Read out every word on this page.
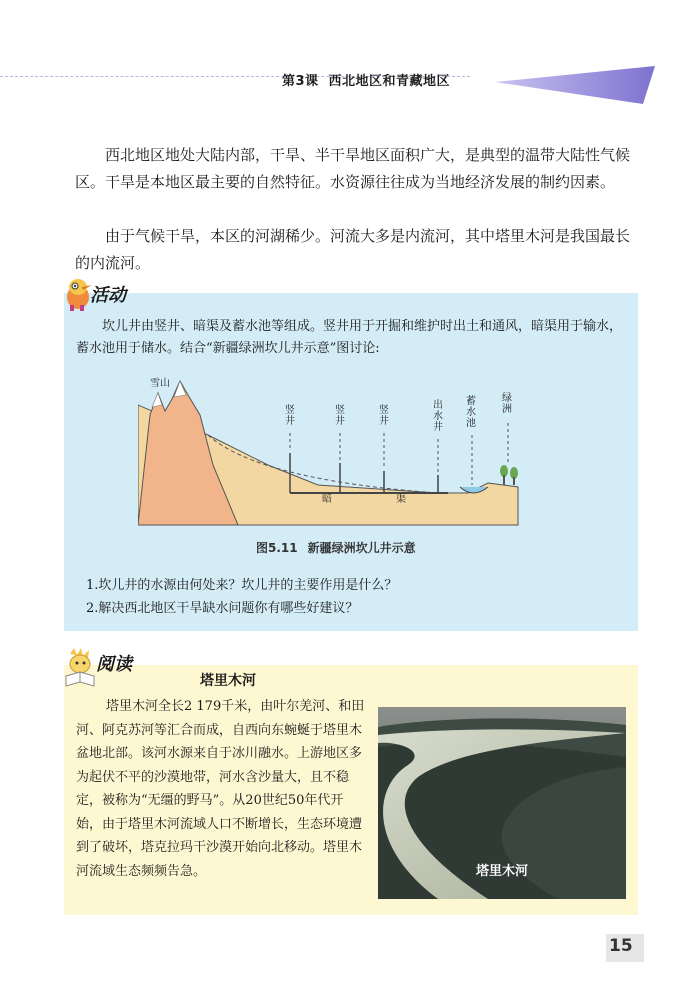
第3课 西北地区和青藏地区

西北地区地处大陆内部，干旱、半干旱地区面积广大，是典型的温带大陆性气候区。干旱是本地区最主要的自然特征。水资源往往成为当地经济发展的制约因素。

由于气候干旱，本区的河湖稀少。河流大多是内流河，其中塔里木河是我国最长的内流河。

活动

坎儿井由竖井、暗渠及蓄水池等组成。竖井用于开掘和维护时出土和通风，暗渠用于输水，蓄水池用于储水。结合“新疆绿洲坎儿井示意”图讨论:

雪山
竖井
竖井
竖井
出水井
蓄水池
绿洲
暗	渠
图5.11 新疆绿洲坎儿井示意
1.坎儿井的水源由何处来？坎儿井的主要作用是什么？
2.解决西北地区干旱缺水问题你有哪些好建议？
阅读
塔里木河

塔里木河全长2 179千米，由叶尔羌河、和田河、阿克苏河等汇合而成，自西向东蜿蜒于塔里木盆地北部。该河水源来自于冰川融水。上游地区多为起伏不平的沙漠地带，河水含沙量大，且不稳定，被称为“无缰的野马”。从20世纪50年代开始，由于塔里木河流域人口不断增长，生态环境遭到了破坏，塔克拉玛干沙漠开始向北移动。塔里木河流域生态频频告急。	塔里木河
15
